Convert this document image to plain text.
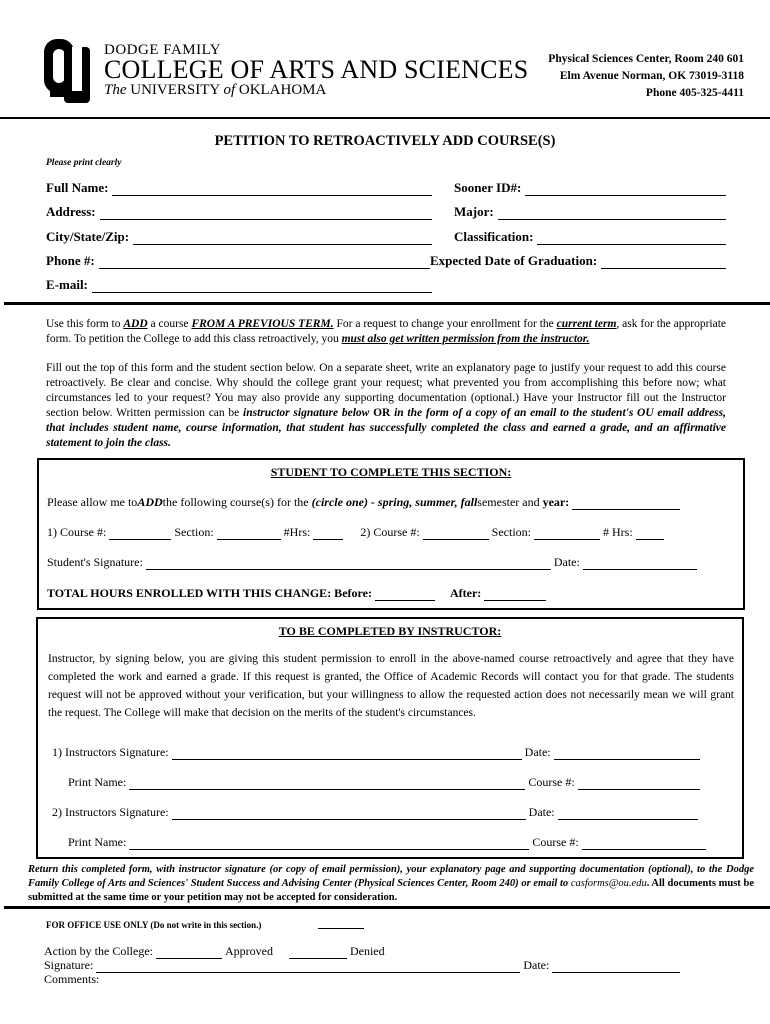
DODGE FAMILY
COLLEGE OF ARTS AND SCIENCES
The UNIVERSITY of OKLAHOMA
Physical Sciences Center, Room 240 601
Elm Avenue Norman, OK 73019-3118
Phone 405-325-4411
PETITION TO RETROACTIVELY ADD COURSE(S)
Please print clearly
Full Name:	Sooner ID#:
Address:	Major:
City/State/Zip:	Classification:
Phone #:	Expected Date of Graduation:
E-mail:
Use this form to ADD a course FROM A PREVIOUS TERM. For a request to change your enrollment for the current term, ask for the appropriate form. To petition the College to add this class retroactively, you must also get written permission from the instructor.
Fill out the top of this form and the student section below. On a separate sheet, write an explanatory page to justify your request to add this course retroactively. Be clear and concise. Why should the college grant your request; what prevented you from accomplishing this before now; what circumstances led to your request? You may also provide any supporting documentation (optional.) Have your Instructor fill out the Instructor section below. Written permission can be instructor signature below OR in the form of a copy of an email to the student's OU email address, that includes student name, course information, that student has successfully completed the class and earned a grade, and an affirmative statement to join the class.
STUDENT TO COMPLETE THIS SECTION:
Please allow me to ADD the following course(s) for the
(circle one) - spring, summer, fall semester and
year:
1) Course #:	Section:	#Hrs:	2) Course #:	Section:	# Hrs:
Student's Signature:	Date:
TOTAL HOURS ENROLLED WITH THIS CHANGE: Before:	After:
TO BE COMPLETED BY INSTRUCTOR:
Instructor, by signing below, you are giving this student permission to enroll in the above-named course retroactively and agree that they have completed the work and earned a grade. If this request is granted, the Office of Academic Records will contact you for that grade. The students request will not be approved without your verification, but your willingness to allow the requested action does not necessarily mean we will grant the request. The College will make that decision on the merits of the student's circumstances.
1) Instructors Signature:	Date:
Print Name:	Course #:
2) Instructors Signature:	Date:
Print Name:	Course #:
Return this completed form, with instructor signature (or copy of email permission), your explanatory page and supporting documentation (optional), to the Dodge Family College of Arts and Sciences' Student Success and Advising Center (Physical Sciences Center, Room 240) or email to casforms@ou.edu. All documents must be submitted at the same time or your petition may not be accepted for consideration.
FOR OFFICE USE ONLY (Do not write in this section.)
Action by the College:	Approved	Denied
Signature:	Date:
Comments:
